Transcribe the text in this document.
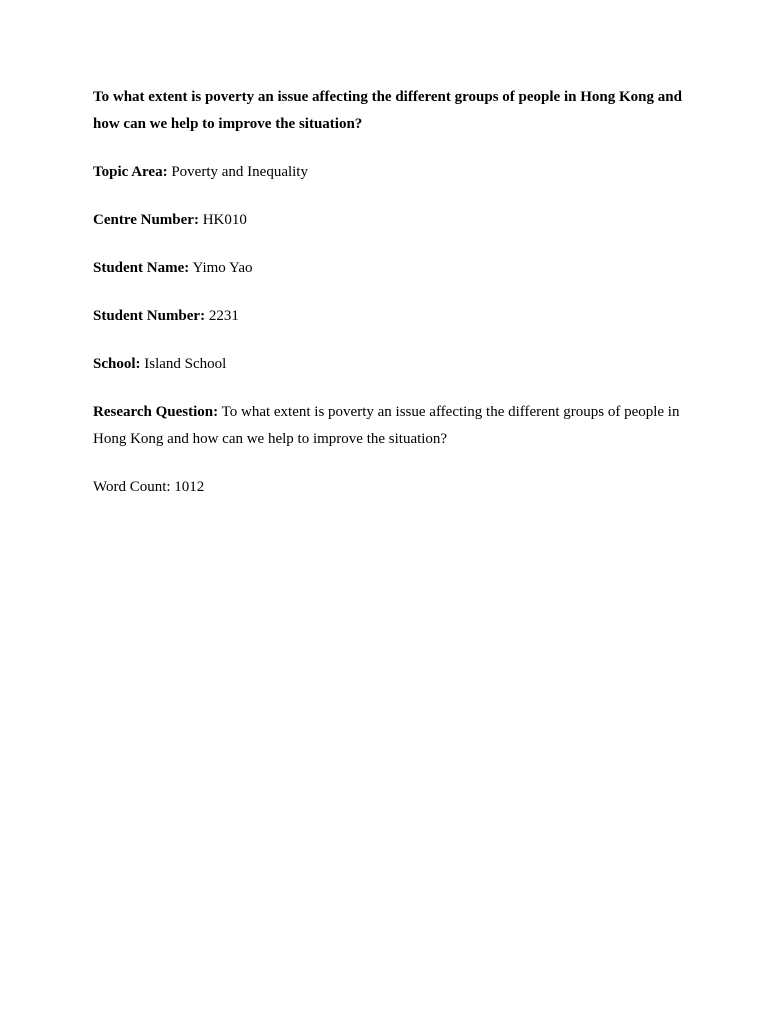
To what extent is poverty an issue affecting the different groups of people in Hong Kong and how can we help to improve the situation?

Topic Area: Poverty and Inequality

Centre Number: HK010

Student Name: Yimo Yao

Student Number: 2231

School: Island School

Research Question: To what extent is poverty an issue affecting the different groups of people in Hong Kong and how can we help to improve the situation?

Word Count: 1012
